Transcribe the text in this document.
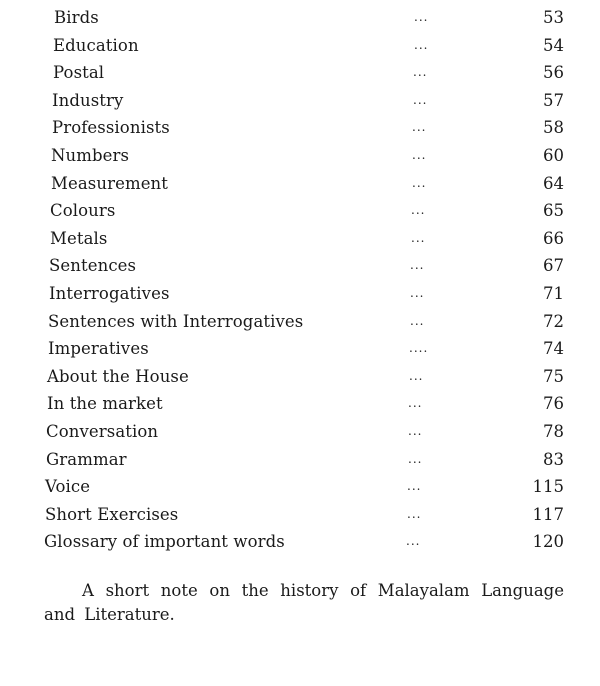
Birds	...	53
Education	...	54
Postal	...	56
Industry	...	57
Professionists	...	58
Numbers	...	60
Measurement	...	64
Colours	...	65
Metals	...	66
Sentences	...	67
Interrogatives	...	71
Sentences with Interrogatives	...	72
Imperatives	....	74
About the House	...	75
In the market	...	76
Conversation	...	78
Grammar	...	83
Voice	...	115
Short Exercises	...	117
Glossary of important words	...	120

A short note on the history of Malayalam Language and Literature.
